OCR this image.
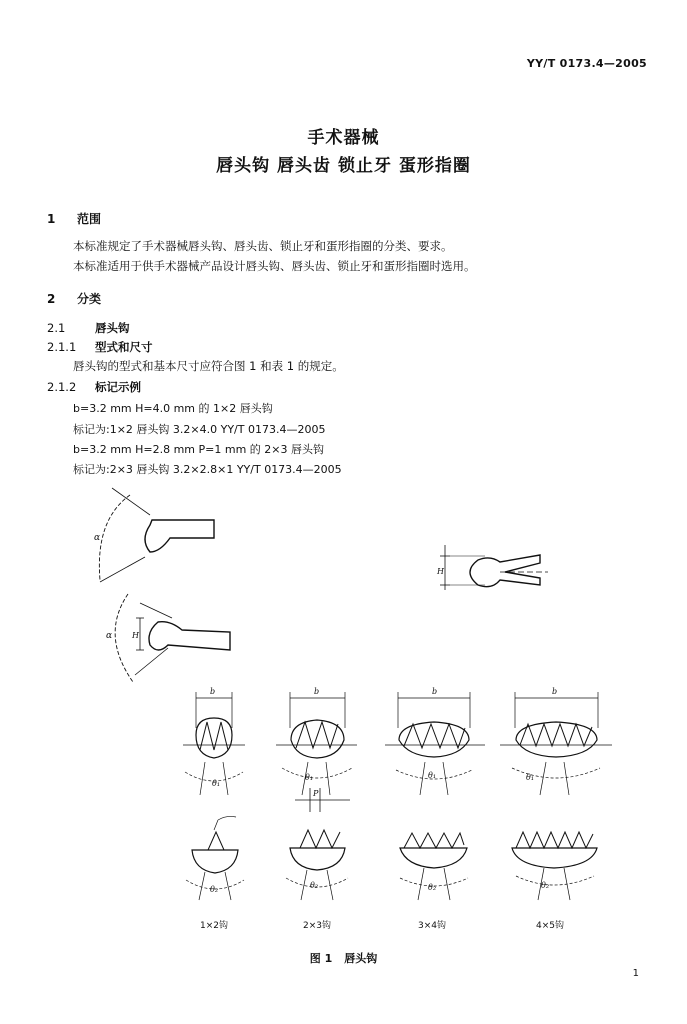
YY/T 0173.4—2005
手术器械
唇头钩 唇头齿 锁止牙 蛋形指圈
1 范围
本标准规定了手术器械唇头钩、唇头齿、锁止牙和蛋形指圈的分类、要求。
本标准适用于供手术器械产品设计唇头钩、唇头齿、锁止牙和蛋形指圈时选用。
2 分类
2.1	唇头钩
2.1.1 型式和尺寸
唇头钩的型式和基本尺寸应符合图 1 和表 1 的规定。
2.1.2 标记示例
b=3.2 mm H=4.0 mm 的 1×2 唇头钩
标记为:1×2 唇头钩 3.2×4.0 YY/T 0173.4—2005
b=3.2 mm H=2.8 mm P=1 mm 的 2×3 唇头钩
标记为:2×3 唇头钩 3.2×2.8×1 YY/T 0173.4—2005
α
α H
H
b
θ₁
b
θ₁
b
θ₁
b
θ₁
P
θ₂	θ₂	θ₂	θ₂
1×2钩	2×3钩	3×4钩	4×5钩
图 1 唇头钩
1
